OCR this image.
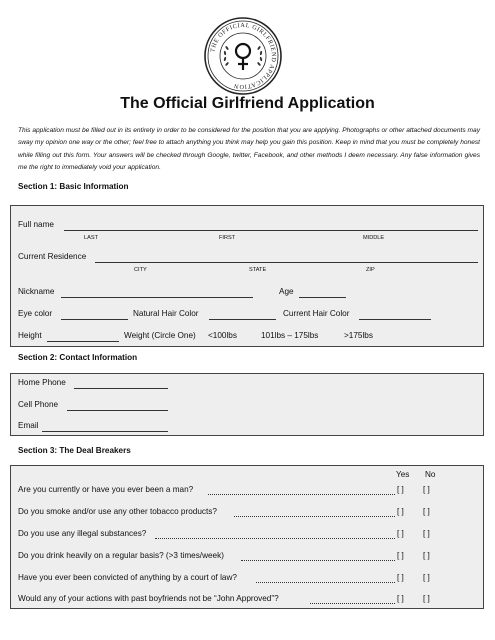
THE OFFICIAL GIRLFRIEND APPLICATION
The Official Girlfriend Application
This application must be filled out in its entirety in order to be considered for the position that you are applying. Photographs or other attached documents may sway my opinion one way or the other; feel free to attach anything you think may help you gain this position. Keep in mind that you must be completely honest while filling out this form. Your answers will be checked through Google, twitter, Facebook, and other methods I deem necessary. Any false information gives me the right to immediately void your application.
Section 1: Basic Information
Full name
LAST	FIRST	MIDDLE
Current Residence
CITY	STATE	ZIP
Nickname	Age
Eye color	Natural Hair Color	Current Hair Color
Height	Weight (Circle One) <100lbs	101lbs – 175lbs	>175lbs
Section 2: Contact Information
Home Phone
Cell Phone
Email
Section 3: The Deal Breakers
Yes No
Are you currently or have you ever been a man?	[ ] [ ]
Do you smoke and/or use any other tobacco products?	[ ] [ ]
Do you use any illegal substances?	[ ] [ ]
Do you drink heavily on a regular basis? (>3 times/week)	[ ] [ ]
Have you ever been convicted of anything by a court of law?	[ ] [ ]
Would any of your actions with past boyfriends not be “John Approved”?	[ ] [ ]
